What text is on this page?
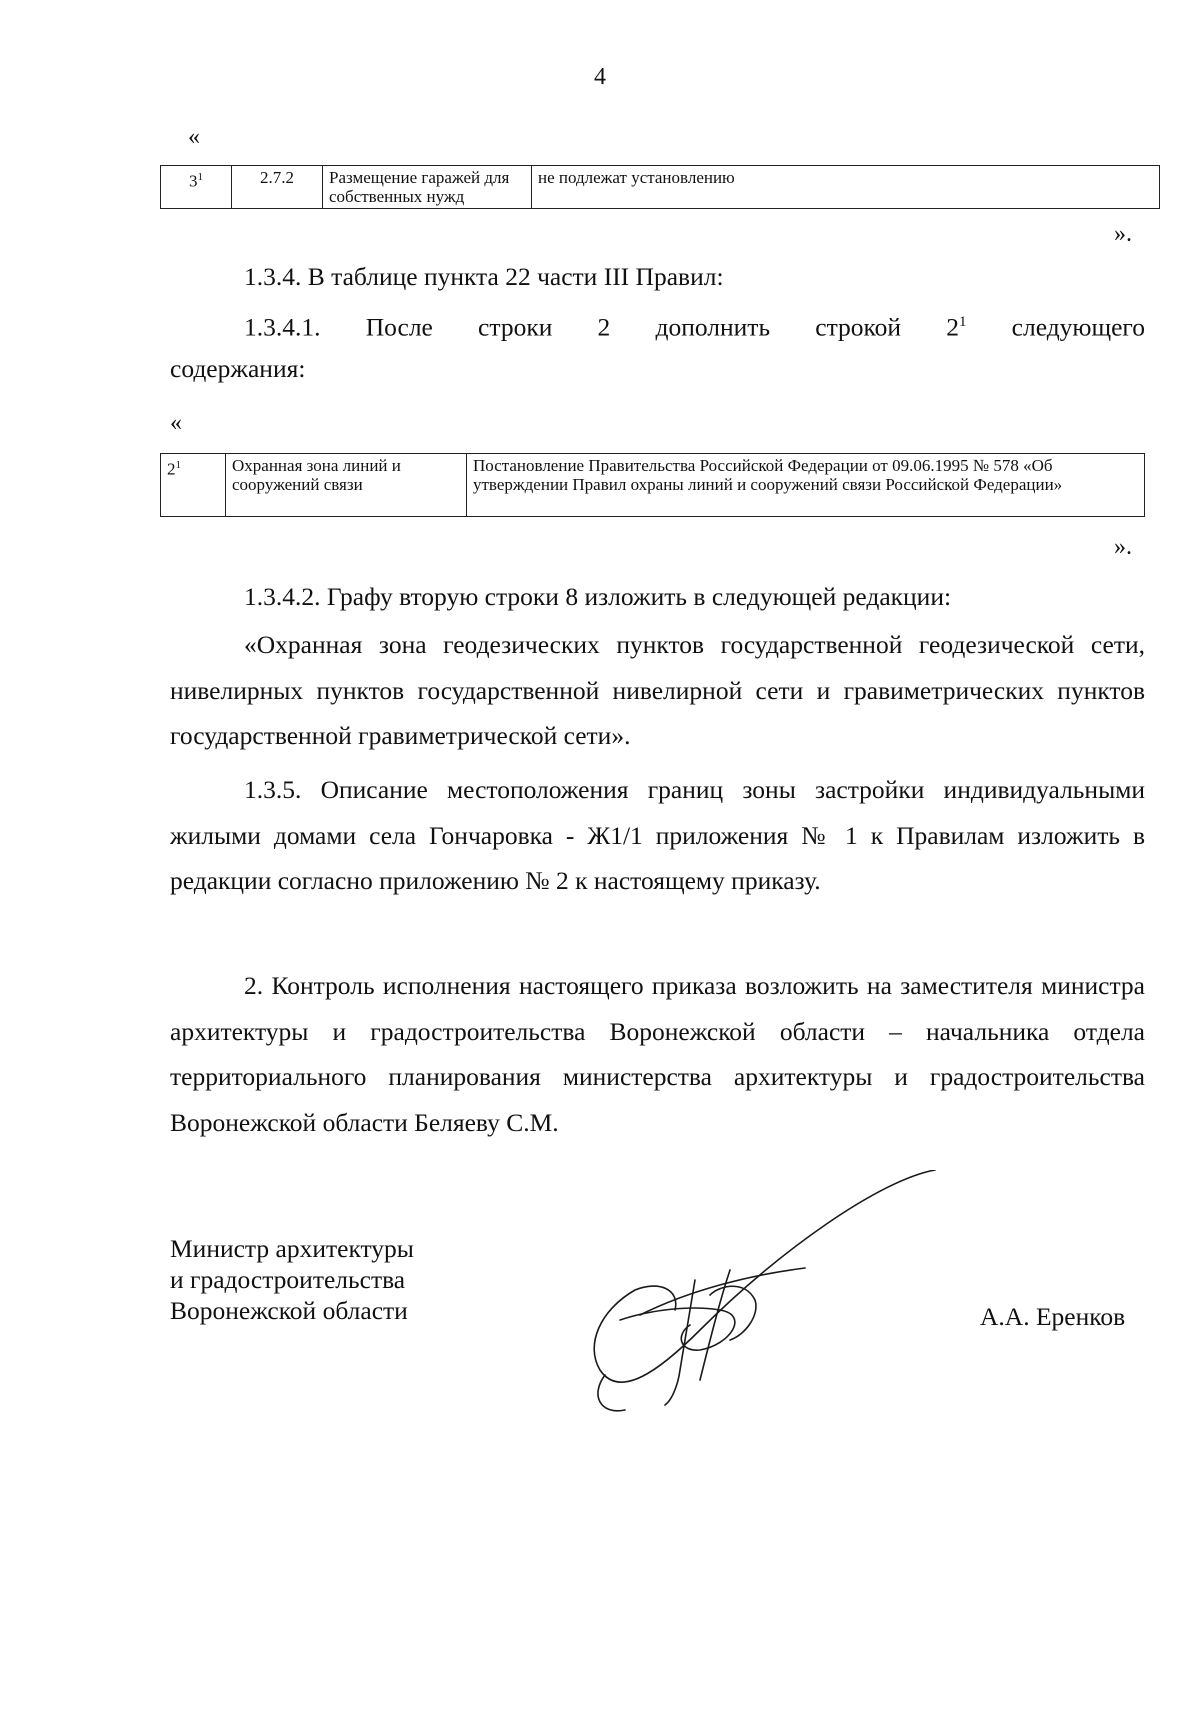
4
«
$3^1$	2.7.2	Размещение гаражей для собственных нужд	не подлежат установлению
».

1.3.4. В таблице пункта 22 части III Правил:

1.3.4.1. После строки 2 дополнить строкой $2^1$ следующего

содержания:

«
$2^1$	Охранная зона линий и сооружений связи	Постановление Правительства Российской Федерации от 09.06.1995 № 578 «Об утверждении Правил охраны линий и сооружений связи Российской Федерации»
».

1.3.4.2. Графу вторую строки 8 изложить в следующей редакции:

«Охранная зона геодезических пунктов государственной геодезической сети, нивелирных пунктов государственной нивелирной сети и гравиметрических пунктов государственной гравиметрической сети».

1.3.5. Описание местоположения границ зоны застройки индивидуальными жилыми домами села Гончаровка - Ж1/1 приложения № 1 к Правилам изложить в редакции согласно приложению № 2 к настоящему приказу.

2. Контроль исполнения настоящего приказа возложить на заместителя министра архитектуры и градостроительства Воронежской области – начальника отдела территориального планирования министерства архитектуры и градостроительства Воронежской области Беляеву С.М.

Министр архитектуры
и градостроительства
Воронежской области	А.А. Еренков
